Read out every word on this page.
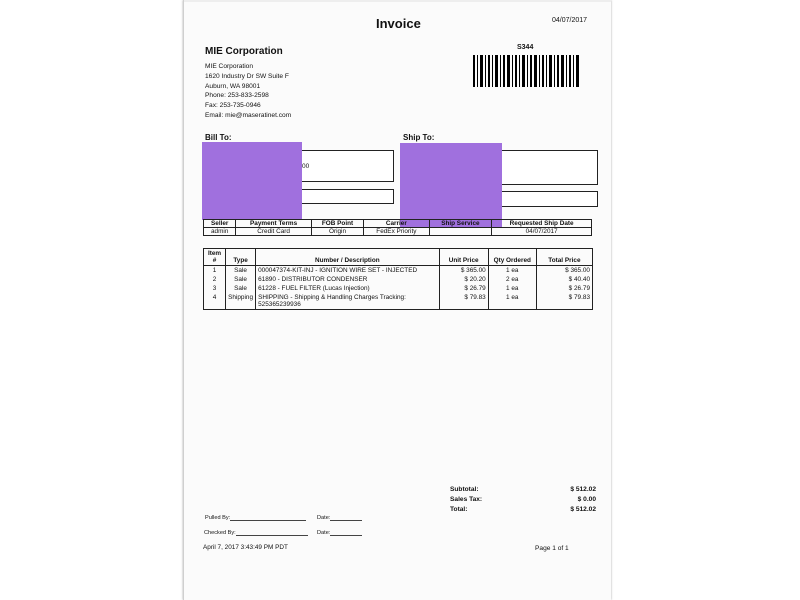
Invoice	04/07/2017
MIE Corporation
MIE Corporation
1620 Industry Dr SW Suite F
Auburn, WA 98001
Phone: 253-833-2598
Fax: 253-735-0946
Email: mie@maseratinet.com
S344
Bill To:	Ship To:
00
Seller	Payment Terms	FOB Point	Carrier	Ship Service	Requested Ship Date
admin	Credit Card	Origin	FedEx Priority		04/07/2017
Item #	Type	Number / Description	Unit Price	Qty Ordered	Total Price
1	Sale	000047374-KIT-INJ - IGNITION WIRE SET - INJECTED	$ 365.00	1 ea	$ 365.00
2	Sale	61890 - DISTRIBUTOR CONDENSER	$ 20.20	2 ea	$ 40.40
3	Sale	61228 - FUEL FILTER (Lucas Injection)	$ 26.79	1 ea	$ 26.79
4	Shipping	SHIPPING - Shipping & Handling Charges Tracking: 525365239936	$ 79.83	1 ea	$ 79.83
Subtotal:	$ 512.02
Sales Tax:	$ 0.00
Total:	$ 512.02
Pulled By:	Date:
Checked By:	Date:
April 7, 2017 3:43:49 PM PDT	Page 1 of 1
